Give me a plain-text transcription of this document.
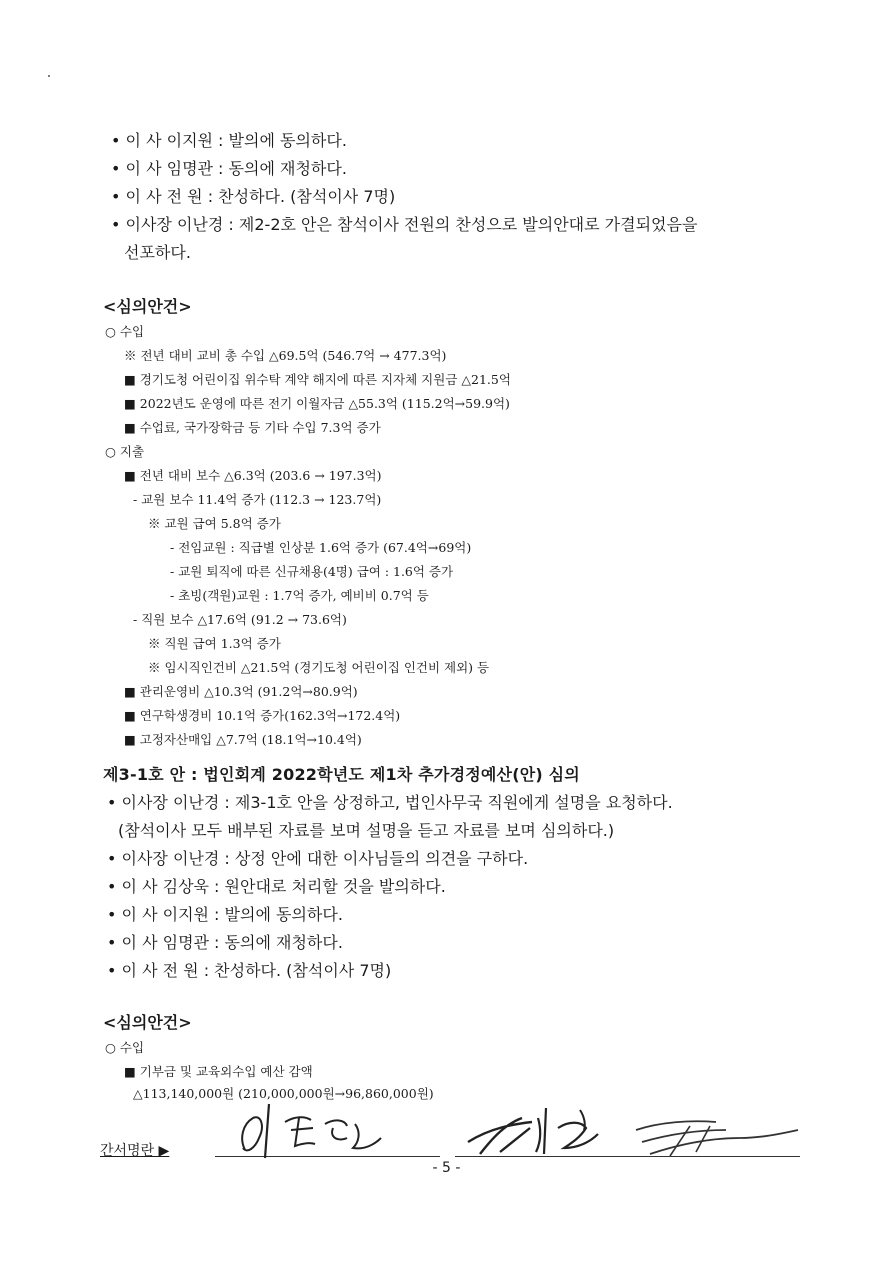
• 이 사 이지원 : 발의에 동의하다.
• 이 사 임명관 : 동의에 재청하다.
• 이 사 전 원 : 찬성하다. (참석이사 7명)
• 이사장 이난경 : 제2-2호 안은 참석이사 전원의 찬성으로 발의안대로 가결되었음을
선포하다.
<심의안건>
○ 수입
※ 전년 대비 교비 총 수입 △69.5억 (546.7억 → 477.3억)
■ 경기도청 어린이집 위수탁 계약 해지에 따른 지자체 지원금 △21.5억
■ 2022년도 운영에 따른 전기 이월자금 △55.3억 (115.2억→59.9억)
■ 수업료, 국가장학금 등 기타 수입 7.3억 증가
○ 지출
■ 전년 대비 보수 △6.3억 (203.6 → 197.3억)
- 교원 보수 11.4억 증가 (112.3 → 123.7억)
※ 교원 급여 5.8억 증가
- 전임교원 : 직급별 인상분 1.6억 증가 (67.4억→69억)
- 교원 퇴직에 따른 신규채용(4명) 급여 : 1.6억 증가
- 초빙(객원)교원 : 1.7억 증가, 예비비 0.7억 등
- 직원 보수 △17.6억 (91.2 → 73.6억)
※ 직원 급여 1.3억 증가
※ 임시직인건비 △21.5억 (경기도청 어린이집 인건비 제외) 등
■ 관리운영비 △10.3억 (91.2억→80.9억)
■ 연구학생경비 10.1억 증가(162.3억→172.4억)
■ 고정자산매입 △7.7억 (18.1억→10.4억)
제3-1호 안 : 법인회계 2022학년도 제1차 추가경정예산(안) 심의
• 이사장 이난경 : 제3-1호 안을 상정하고, 법인사무국 직원에게 설명을 요청하다.
(참석이사 모두 배부된 자료를 보며 설명을 듣고 자료를 보며 심의하다.)
• 이사장 이난경 : 상정 안에 대한 이사님들의 의견을 구하다.
• 이 사 김상욱 : 원안대로 처리할 것을 발의하다.
• 이 사 이지원 : 발의에 동의하다.
• 이 사 임명관 : 동의에 재청하다.
• 이 사 전 원 : 찬성하다. (참석이사 7명)
<심의안건>
○ 수입
■ 기부금 및 교육외수입 예산 감액
△113,140,000원 (210,000,000원→96,860,000원)
간서명란 ▶
- 5 -
